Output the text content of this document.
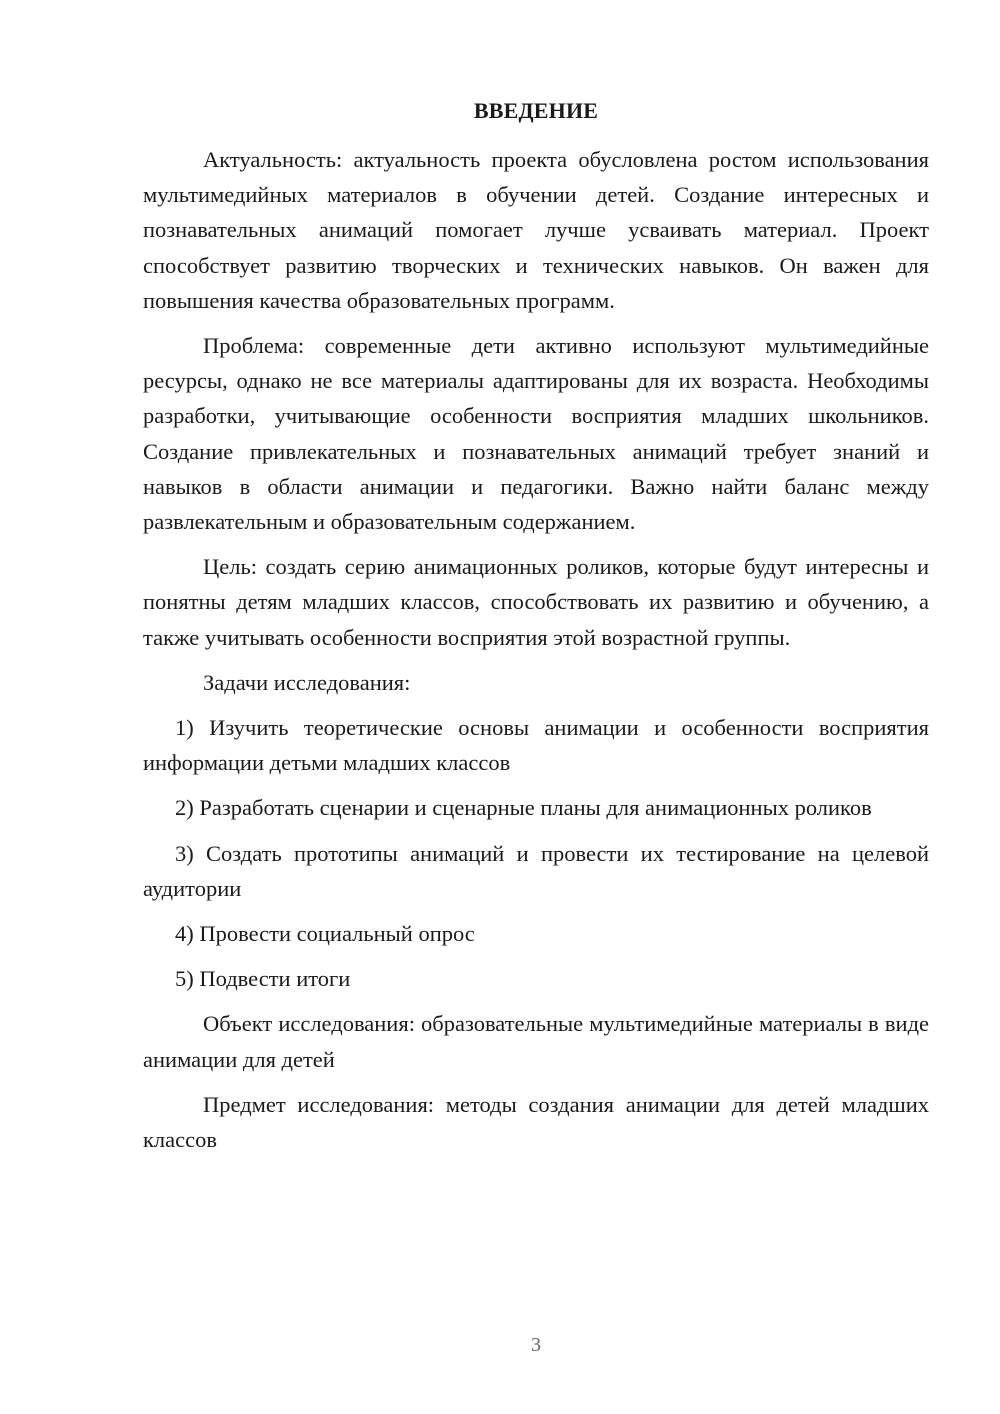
ВВЕДЕНИЕ

Актуальность: актуальность проекта обусловлена ростом использования мультимедийных материалов в обучении детей. Создание интересных и познавательных анимаций помогает лучше усваивать материал. Проект способствует развитию творческих и технических навыков. Он важен для повышения качества образовательных программ.

Проблема: современные дети активно используют мультимедийные ресурсы, однако не все материалы адаптированы для их возраста. Необходимы разработки, учитывающие особенности восприятия младших школьников. Создание привлекательных и познавательных анимаций требует знаний и навыков в области анимации и педагогики. Важно найти баланс между развлекательным и образовательным содержанием.

Цель: создать серию анимационных роликов, которые будут интересны и понятны детям младших классов, способствовать их развитию и обучению, а также учитывать особенности восприятия этой возрастной группы.

Задачи исследования:

1) Изучить теоретические основы анимации и особенности восприятия информации детьми младших классов

2) Разработать сценарии и сценарные планы для анимационных роликов

3) Создать прототипы анимаций и провести их тестирование на целевой аудитории

4) Провести социальный опрос

5) Подвести итоги

Объект исследования: образовательные мультимедийные материалы в виде анимации для детей

Предмет исследования: методы создания анимации для детей младших классов

3
